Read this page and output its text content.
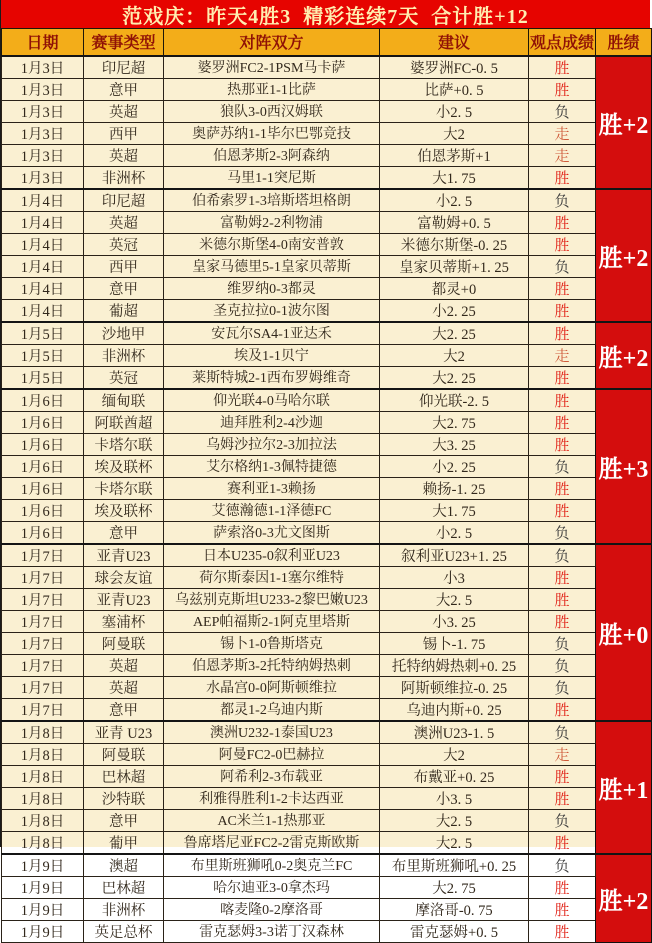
范戏庆：昨天4胜3  精彩连续7天  合计胜+12
日期	赛事类型	对阵双方	建议	观点成绩	胜绩
1月3日	印尼超	婆罗洲FC2-1PSM马卡萨	婆罗洲FC-0. 5	胜	胜+2
1月3日	意甲	热那亚1-1比萨	比萨+0. 5	胜	
1月3日	英超	狼队3-0西汉姆联	小2. 5	负	
1月3日	西甲	奥萨苏纳1-1毕尔巴鄂竞技	大2	走	
1月3日	英超	伯恩茅斯2-3阿森纳	伯恩茅斯+1	走	
1月3日	非洲杯	马里1-1突尼斯	大1. 75	胜	
1月4日	印尼超	伯希索罗1-3培斯塔坦格朗	小2. 5	负	胜+2
1月4日	英超	富勒姆2-2利物浦	富勒姆+0. 5	胜	
1月4日	英冠	米德尔斯堡4-0南安普敦	米德尔斯堡-0. 25	胜	
1月4日	西甲	皇家马德里5-1皇家贝蒂斯	皇家贝蒂斯+1. 25	负	
1月4日	意甲	维罗纳0-3都灵	都灵+0	胜	
1月4日	葡超	圣克拉拉0-1波尔图	小2. 25	胜	
1月5日	沙地甲	安瓦尔SA4-1亚达禾	大2. 25	胜	胜+2
1月5日	非洲杯	埃及1-1贝宁	大2	走	
1月5日	英冠	莱斯特城2-1西布罗姆维奇	大2. 25	胜	
1月6日	缅甸联	仰光联4-0马哈尔联	仰光联-2. 5	胜	胜+3
1月6日	阿联酋超	迪拜胜利2-4沙迦	大2. 75	胜	
1月6日	卡塔尔联	乌姆沙拉尔2-3加拉法	大3. 25	胜	
1月6日	埃及联杯	艾尔格纳1-3佩特捷德	小2. 25	负	
1月6日	卡塔尔联	赛利亚1-3赖扬	赖扬-1. 25	胜	
1月6日	埃及联杯	艾德瀚德1-1泽德FC	大1. 75	胜	
1月6日	意甲	萨索洛0-3尤文图斯	小2. 5	负	
1月7日	亚青U23	日本U235-0叙利亚U23	叙利亚U23+1. 25	负	胜+0
1月7日	球会友谊	荷尔斯泰因1-1塞尔维特	小3	胜	
1月7日	亚青U23	乌兹别克斯坦U233-2黎巴嫩U23	大2. 5	胜	
1月7日	塞浦杯	AEP帕福斯2-1阿克里塔斯	小3. 25	胜	
1月7日	阿曼联	锡卜1-0鲁斯塔克	锡卜-1. 75	负	
1月7日	英超	伯恩茅斯3-2托特纳姆热刺	托特纳姆热刺+0. 25	负	
1月7日	英超	水晶宫0-0阿斯顿维拉	阿斯顿维拉-0. 25	负	
1月7日	意甲	都灵1-2乌迪内斯	乌迪内斯+0. 25	胜	
1月8日	亚青 U23	澳洲U232-1泰国U23	澳洲U23-1. 5	负	胜+1
1月8日	阿曼联	阿曼FC2-0巴赫拉	大2	走	
1月8日	巴林超	阿希利2-3布载亚	布戴亚+0. 25	胜	
1月8日	沙特联	利雅得胜利1-2卡达西亚	小3. 5	胜	
1月8日	意甲	AC米兰1-1热那亚	大2. 5	负	
1月8日	葡甲	鲁席塔尼亚FC2-2雷克斯欧斯	大2. 5	胜	
1月9日	澳超	布里斯班狮吼0-2奥克兰FC	布里斯班狮吼+0. 25	负	胜+2
1月9日	巴林超	哈尔迪亚3-0拿杰玛	大2. 75	胜	
1月9日	非洲杯	喀麦隆0-2摩洛哥	摩洛哥-0. 75	胜	
1月9日	英足总杯	雷克瑟姆3-3诺丁汉森林	雷克瑟姆+0. 5	胜	
